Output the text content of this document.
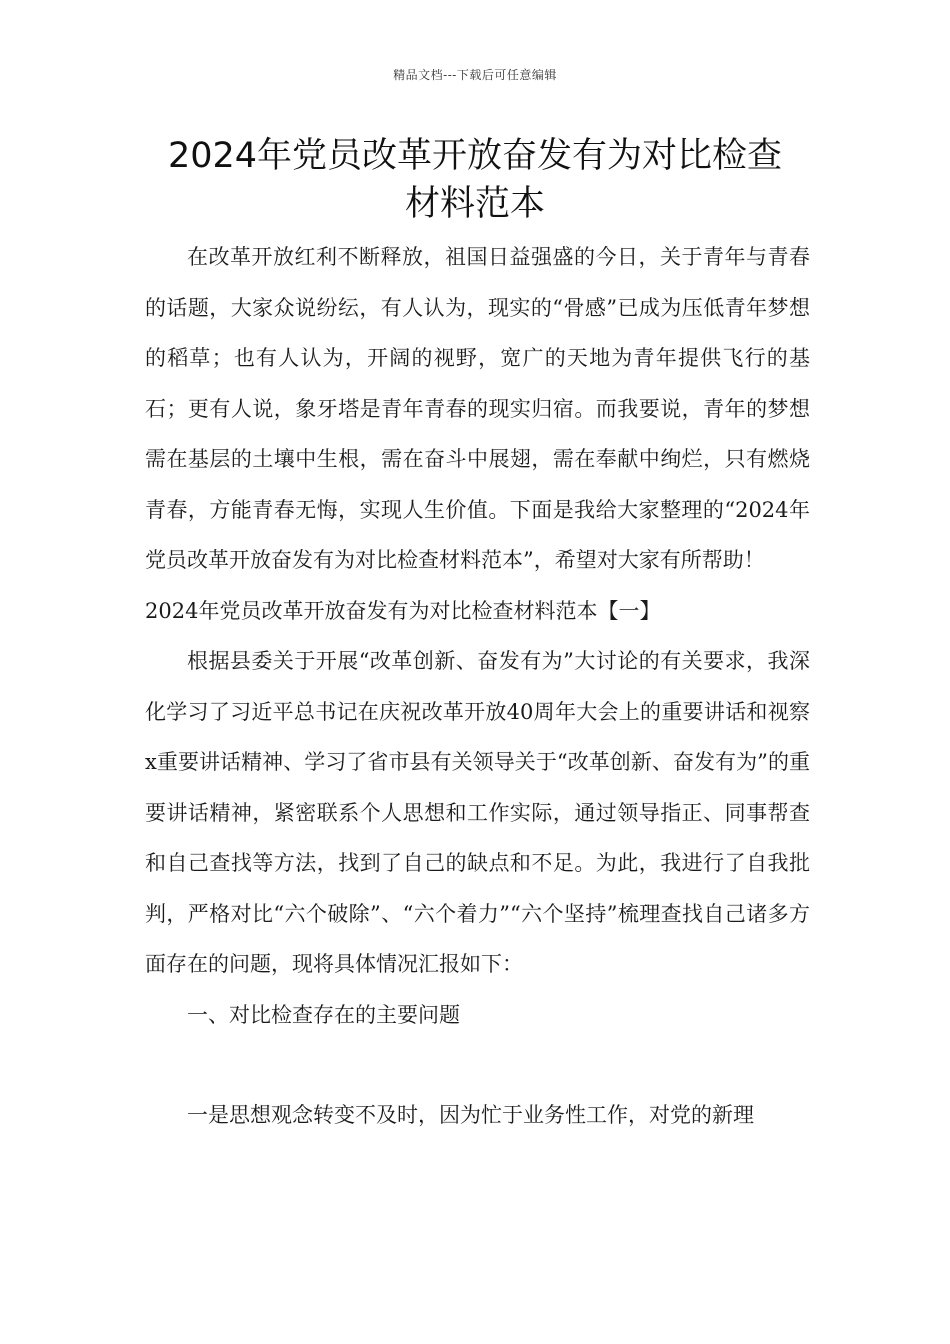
精品文档---下载后可任意编辑
2024年党员改革开放奋发有为对比检查
材料范本

在改革开放红利不断释放，祖国日益强盛的今日，关于青年与青春的话题，大家众说纷纭，有人认为，现实的“骨感”已成为压低青年梦想的稻草；也有人认为，开阔的视野，宽广的天地为青年提供飞行的基石；更有人说，象牙塔是青年青春的现实归宿。而我要说，青年的梦想需在基层的土壤中生根，需在奋斗中展翅，需在奉献中绚烂，只有燃烧青春，方能青春无悔，实现人生价值。下面是我给大家整理的“2024年党员改革开放奋发有为对比检查材料范本”，希望对大家有所帮助！

2024年党员改革开放奋发有为对比检查材料范本【一】

根据县委关于开展“改革创新、奋发有为”大讨论的有关要求，我深化学习了习近平总书记在庆祝改革开放40周年大会上的重要讲话和视察x重要讲话精神、学习了省市县有关领导关于“改革创新、奋发有为”的重要讲话精神，紧密联系个人思想和工作实际，通过领导指正、同事帮查和自己查找等方法，找到了自己的缺点和不足。为此，我进行了自我批判，严格对比“六个破除”、“六个着力”“六个坚持”梳理查找自己诸多方面存在的问题，现将具体情况汇报如下：

一、对比检查存在的主要问题

一是思想观念转变不及时，因为忙于业务性工作，对党的新理
